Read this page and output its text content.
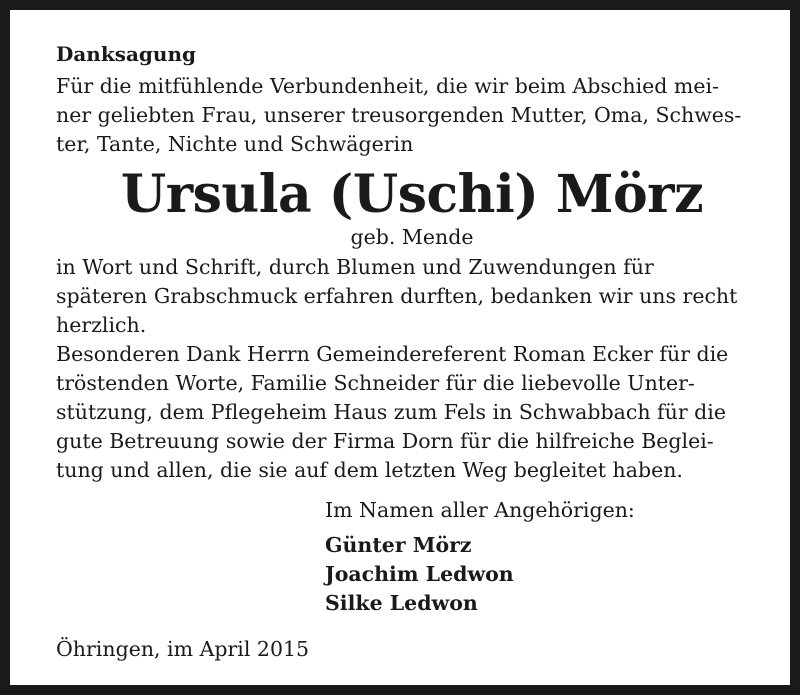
Danksagung

Für die mitfühlende Verbundenheit, die wir beim Abschied mei-
ner geliebten Frau, unserer treusorgenden Mutter, Oma, Schwes-
ter, Tante, Nichte und Schwägerin

Ursula (Uschi) Mörz
geb. Mende

in Wort und Schrift, durch Blumen und Zuwendungen für
späteren Grabschmuck erfahren durften, bedanken wir uns recht
herzlich.

Besonderen Dank Herrn Gemeindereferent Roman Ecker für die
tröstenden Worte, Familie Schneider für die liebevolle Unter-
stützung, dem Pflegeheim Haus zum Fels in Schwabbach für die
gute Betreuung sowie der Firma Dorn für die hilfreiche Beglei-
tung und allen, die sie auf dem letzten Weg begleitet haben.

Im Namen aller Angehörigen:
Günter Mörz
Joachim Ledwon
Silke Ledwon
Öhringen, im April 2015
